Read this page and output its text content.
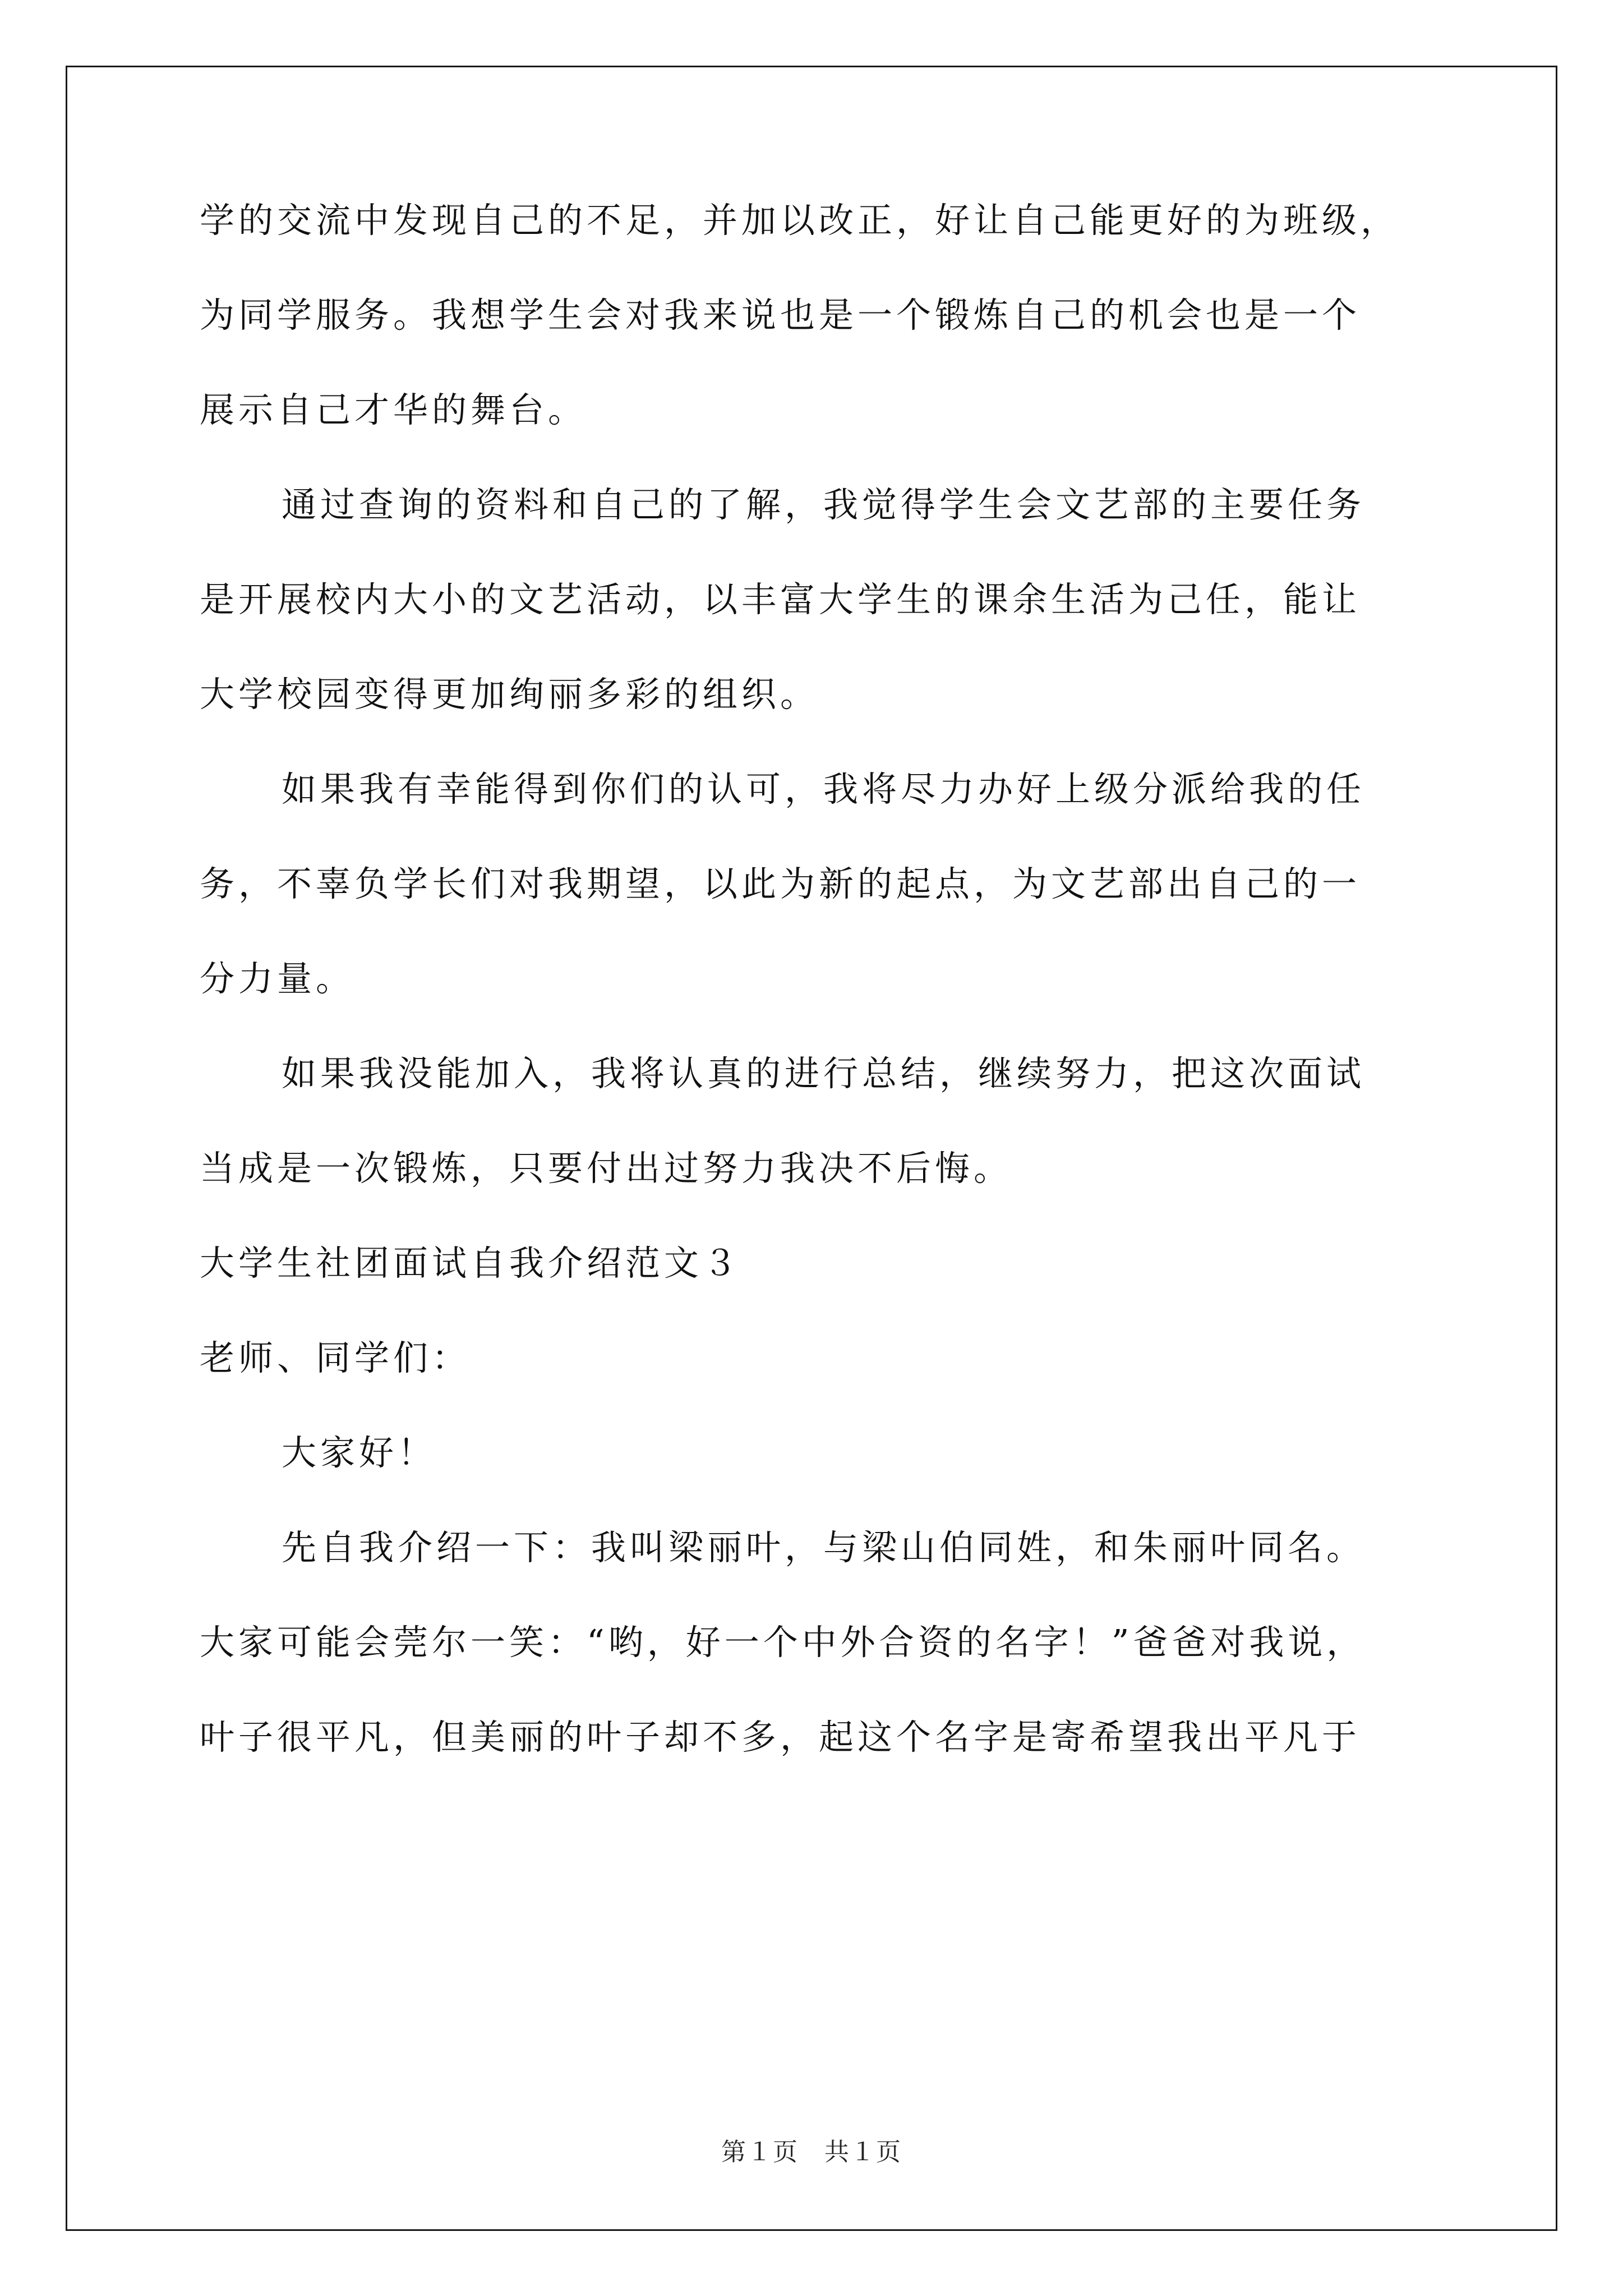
学的交流中发现自己的不足，并加以改正，好让自己能更好的为班级，
为同学服务。我想学生会对我来说也是一个锻炼自己的机会也是一个
展示自己才华的舞台。
通过查询的资料和自己的了解，我觉得学生会文艺部的主要任务
是开展校内大小的文艺活动，以丰富大学生的课余生活为己任，能让
大学校园变得更加绚丽多彩的组织。
如果我有幸能得到你们的认可，我将尽力办好上级分派给我的任
务，不辜负学长们对我期望，以此为新的起点，为文艺部出自己的一
分力量。
如果我没能加入，我将认真的进行总结，继续努力，把这次面试
当成是一次锻炼，只要付出过努力我决不后悔。
大学生社团面试自我介绍范文３
老师、同学们：
大家好！
先自我介绍一下：我叫梁丽叶，与梁山伯同姓，和朱丽叶同名。
大家可能会莞尔一笑：“哟，好一个中外合资的名字！”爸爸对我说，
叶子很平凡，但美丽的叶子却不多，起这个名字是寄希望我出平凡于
第１页　共１页
